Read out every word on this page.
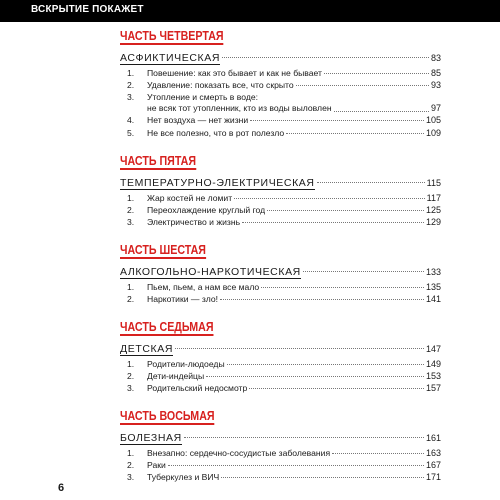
ВСКРЫТИЕ ПОКАЖЕТ
ЧАСТЬ ЧЕТВЕРТАЯ
АСФИКТИЧЕСКАЯ	83
1.	Повешение: как это бывает и как не бывает	85
2.	Удавление: показать все, что скрыто	93
3.	Утопление и смерть в воде:
не всяк тот утопленник, кто из воды выловлен	97
4.	Нет воздуха — нет жизни	105
5.	Не все полезно, что в рот полезло	109
ЧАСТЬ ПЯТАЯ
ТЕМПЕРАТУРНО-ЭЛЕКТРИЧЕСКАЯ	115
1.	Жар костей не ломит	117
2.	Переохлаждение круглый год	125
3.	Электричество и жизнь	129
ЧАСТЬ ШЕСТАЯ
АЛКОГОЛЬНО-НАРКОТИЧЕСКАЯ	133
1.	Пьем, пьем, а нам все мало	135
2.	Наркотики — зло!	141
ЧАСТЬ СЕДЬМАЯ
ДЕТСКАЯ	147
1.	Родители-людоеды	149
2.	Дети-индейцы	153
3.	Родительский недосмотр	157
ЧАСТЬ ВОСЬМАЯ
БОЛЕЗНАЯ	161
1.	Внезапно: сердечно-сосудистые заболевания	163
2.	Раки	167
3.	Туберкулез и ВИЧ	171
6
